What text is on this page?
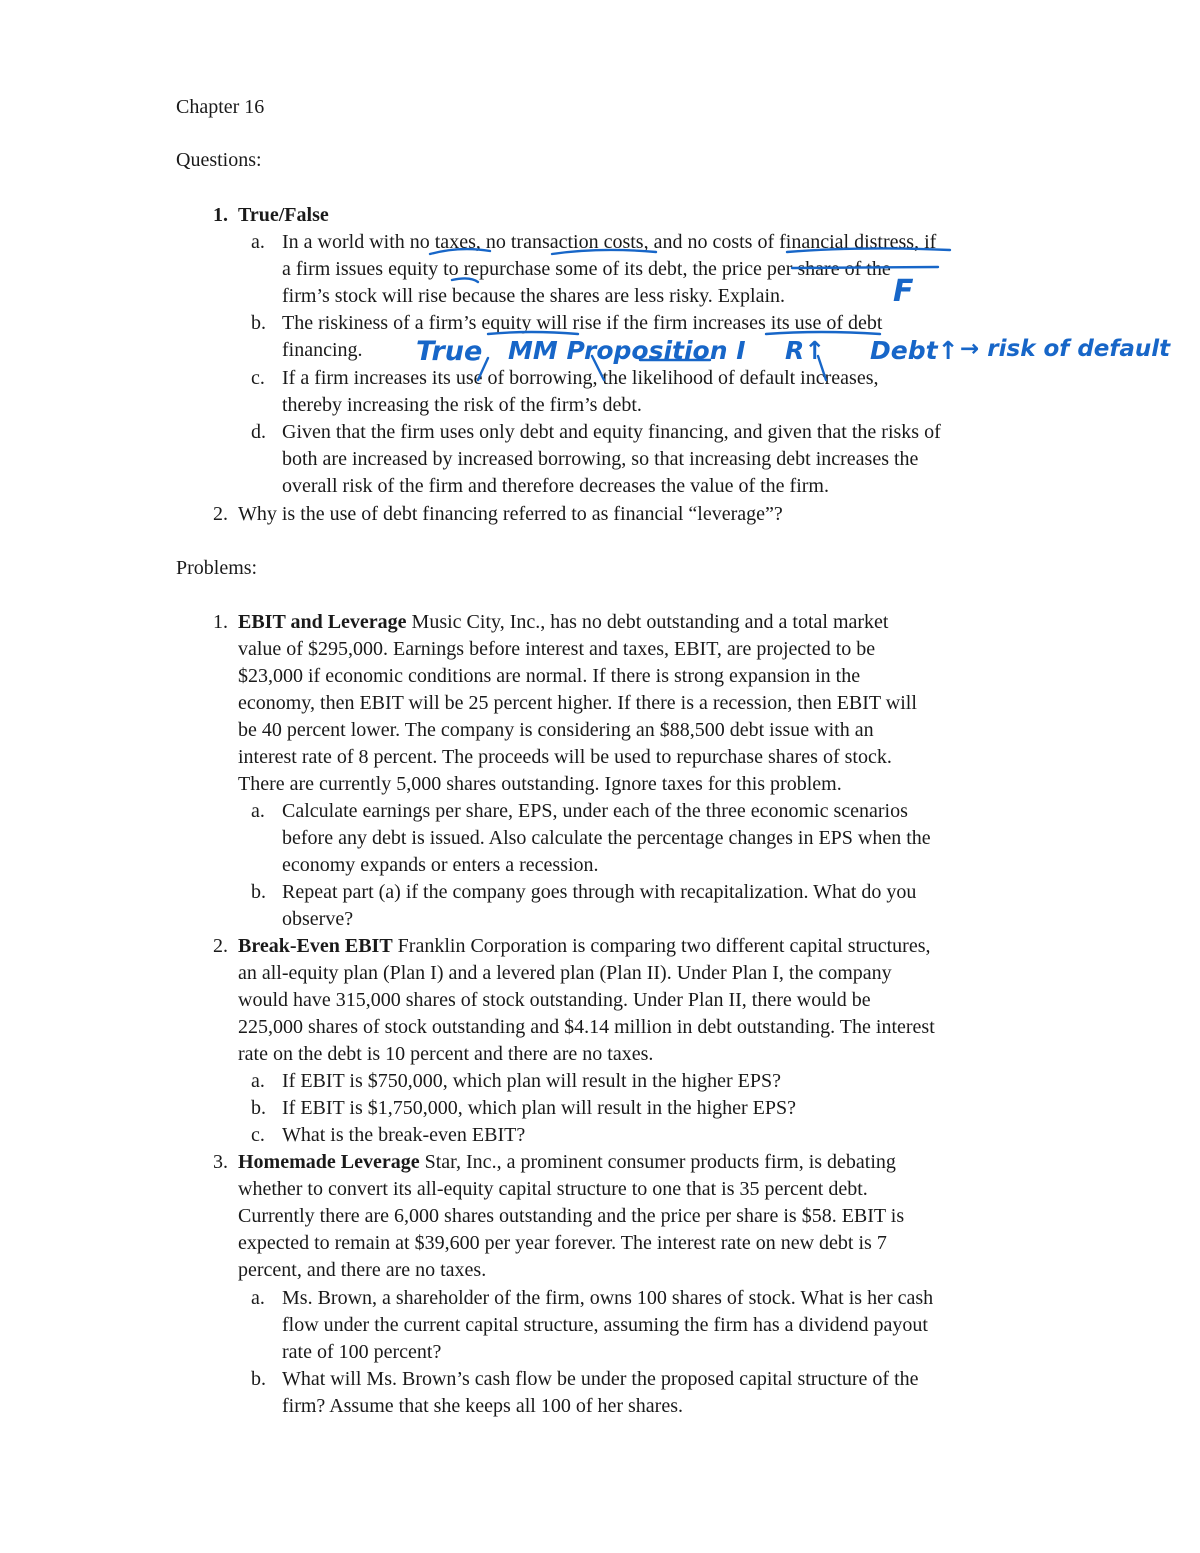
Chapter 16
Questions:
1. True/False
a. In a world with no taxes, no transaction costs, and no costs of financial distress, if
a firm issues equity to repurchase some of its debt, the price per share of the
firm’s stock will rise because the shares are less risky. Explain.
b. The riskiness of a firm’s equity will rise if the firm increases its use of debt
financing.
c. If a firm increases its use of borrowing, the likelihood of default increases,
thereby increasing the risk of the firm’s debt.
d. Given that the firm uses only debt and equity financing, and given that the risks of
both are increased by increased borrowing, so that increasing debt increases the
overall risk of the firm and therefore decreases the value of the firm.
2. Why is the use of debt financing referred to as financial “leverage”?
Problems:
1. EBIT and Leverage Music City, Inc., has no debt outstanding and a total market
value of $295,000. Earnings before interest and taxes, EBIT, are projected to be
$23,000 if economic conditions are normal. If there is strong expansion in the
economy, then EBIT will be 25 percent higher. If there is a recession, then EBIT will
be 40 percent lower. The company is considering an $88,500 debt issue with an
interest rate of 8 percent. The proceeds will be used to repurchase shares of stock.
There are currently 5,000 shares outstanding. Ignore taxes for this problem.
a. Calculate earnings per share, EPS, under each of the three economic scenarios
before any debt is issued. Also calculate the percentage changes in EPS when the
economy expands or enters a recession.
b. Repeat part (a) if the company goes through with recapitalization. What do you
observe?
2. Break-Even EBIT Franklin Corporation is comparing two different capital structures,
an all-equity plan (Plan I) and a levered plan (Plan II). Under Plan I, the company
would have 315,000 shares of stock outstanding. Under Plan II, there would be
225,000 shares of stock outstanding and $4.14 million in debt outstanding. The interest
rate on the debt is 10 percent and there are no taxes.
a. If EBIT is $750,000, which plan will result in the higher EPS?
b. If EBIT is $1,750,000, which plan will result in the higher EPS?
c. What is the break-even EBIT?
3. Homemade Leverage Star, Inc., a prominent consumer products firm, is debating
whether to convert its all-equity capital structure to one that is 35 percent debt.
Currently there are 6,000 shares outstanding and the price per share is $58. EBIT is
expected to remain at $39,600 per year forever. The interest rate on new debt is 7
percent, and there are no taxes.
a. Ms. Brown, a shareholder of the firm, owns 100 shares of stock. What is her cash
flow under the current capital structure, assuming the firm has a dividend payout
rate of 100 percent?
b. What will Ms. Brown’s cash flow be under the proposed capital structure of the
firm? Assume that she keeps all 100 of her shares.
F
True MM Proposition I R↑ Debt↑ → risk of default
